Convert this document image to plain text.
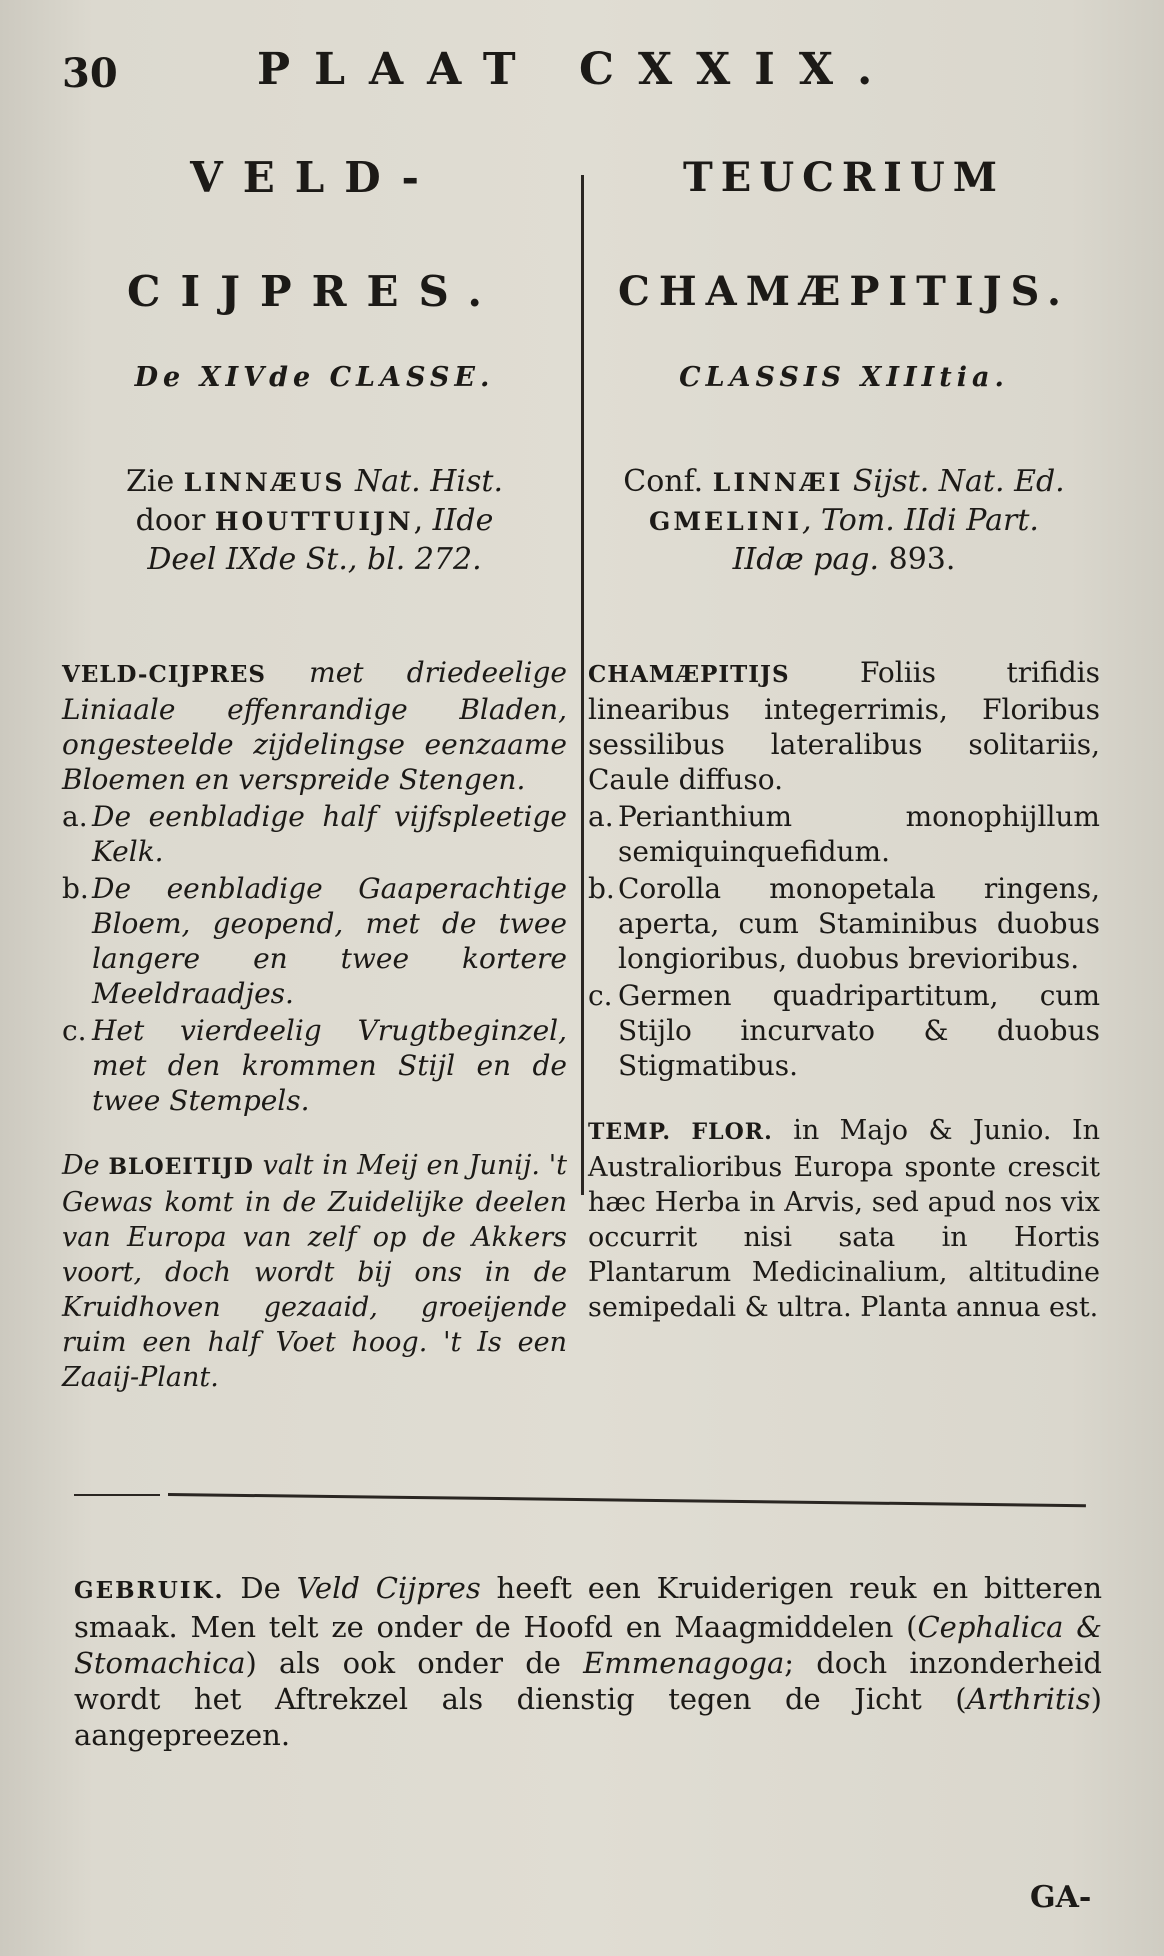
30	PLAAT CXXIX.
VELD-
CIJPRES.
De XIVde CLASSE.
Zie LINNÆUS Nat. Hist.
door HOUTTUIJN, IIde
Deel IXde St., bl. 272.
VELD-CIJPRES met driedeelige Liniaale effenrandige Bladen, ongesteelde zijdelingse eenzaame Bloemen en verspreide Stengen.
a. De eenbladige half vijfspleetige Kelk.
b. De eenbladige Gaaperachtige Bloem, geopend, met de twee langere en twee kortere Meeldraadjes.
c. Het vierdeelig Vrugtbeginzel, met den krommen Stijl en de twee Stempels.
De BLOEITIJD valt in Meij en Junij. 't Gewas komt in de Zuidelijke deelen van Europa van zelf op de Akkers voort, doch wordt bij ons in de Kruidhoven gezaaid, groeijende ruim een half Voet hoog. 't Is een Zaaij-Plant.
TEUCRIUM
CHAMÆPITIJS.
CLASSIS XIIItia.
Conf. LINNÆI Sijst. Nat. Ed.
GMELINI, Tom. IIdi Part.
IIdæ pag. 893.
CHAMÆPITIJS	Foliis trifidis linearibus integerrimis, Floribus sessilibus lateralibus solitariis, Caule diffuso.
a. Perianthium monophijllum semiquinquefidum.
b. Corolla monopetala ringens, aperta, cum Staminibus duobus longioribus, duobus brevioribus.
c. Germen quadripartitum, cum Stijlo incurvato & duobus Stigmatibus.
TEMP. FLOR. in Majo & Junio. In Australioribus Europa sponte crescit hæc Herba in Arvis, sed apud nos vix occurrit nisi sata in Hortis Plantarum Medicinalium, altitudine semipedali & ultra. Planta annua est.
GEBRUIK. De Veld Cijpres heeft een Kruiderigen reuk en bitteren smaak. Men telt ze onder de Hoofd en Maagmiddelen (Cephalica & Stomachica) als ook onder de Emmenagoga; doch inzonderheid wordt het Aftrekzel als dienstig tegen de Jicht (Arthritis) aangepreezen.
GA-
